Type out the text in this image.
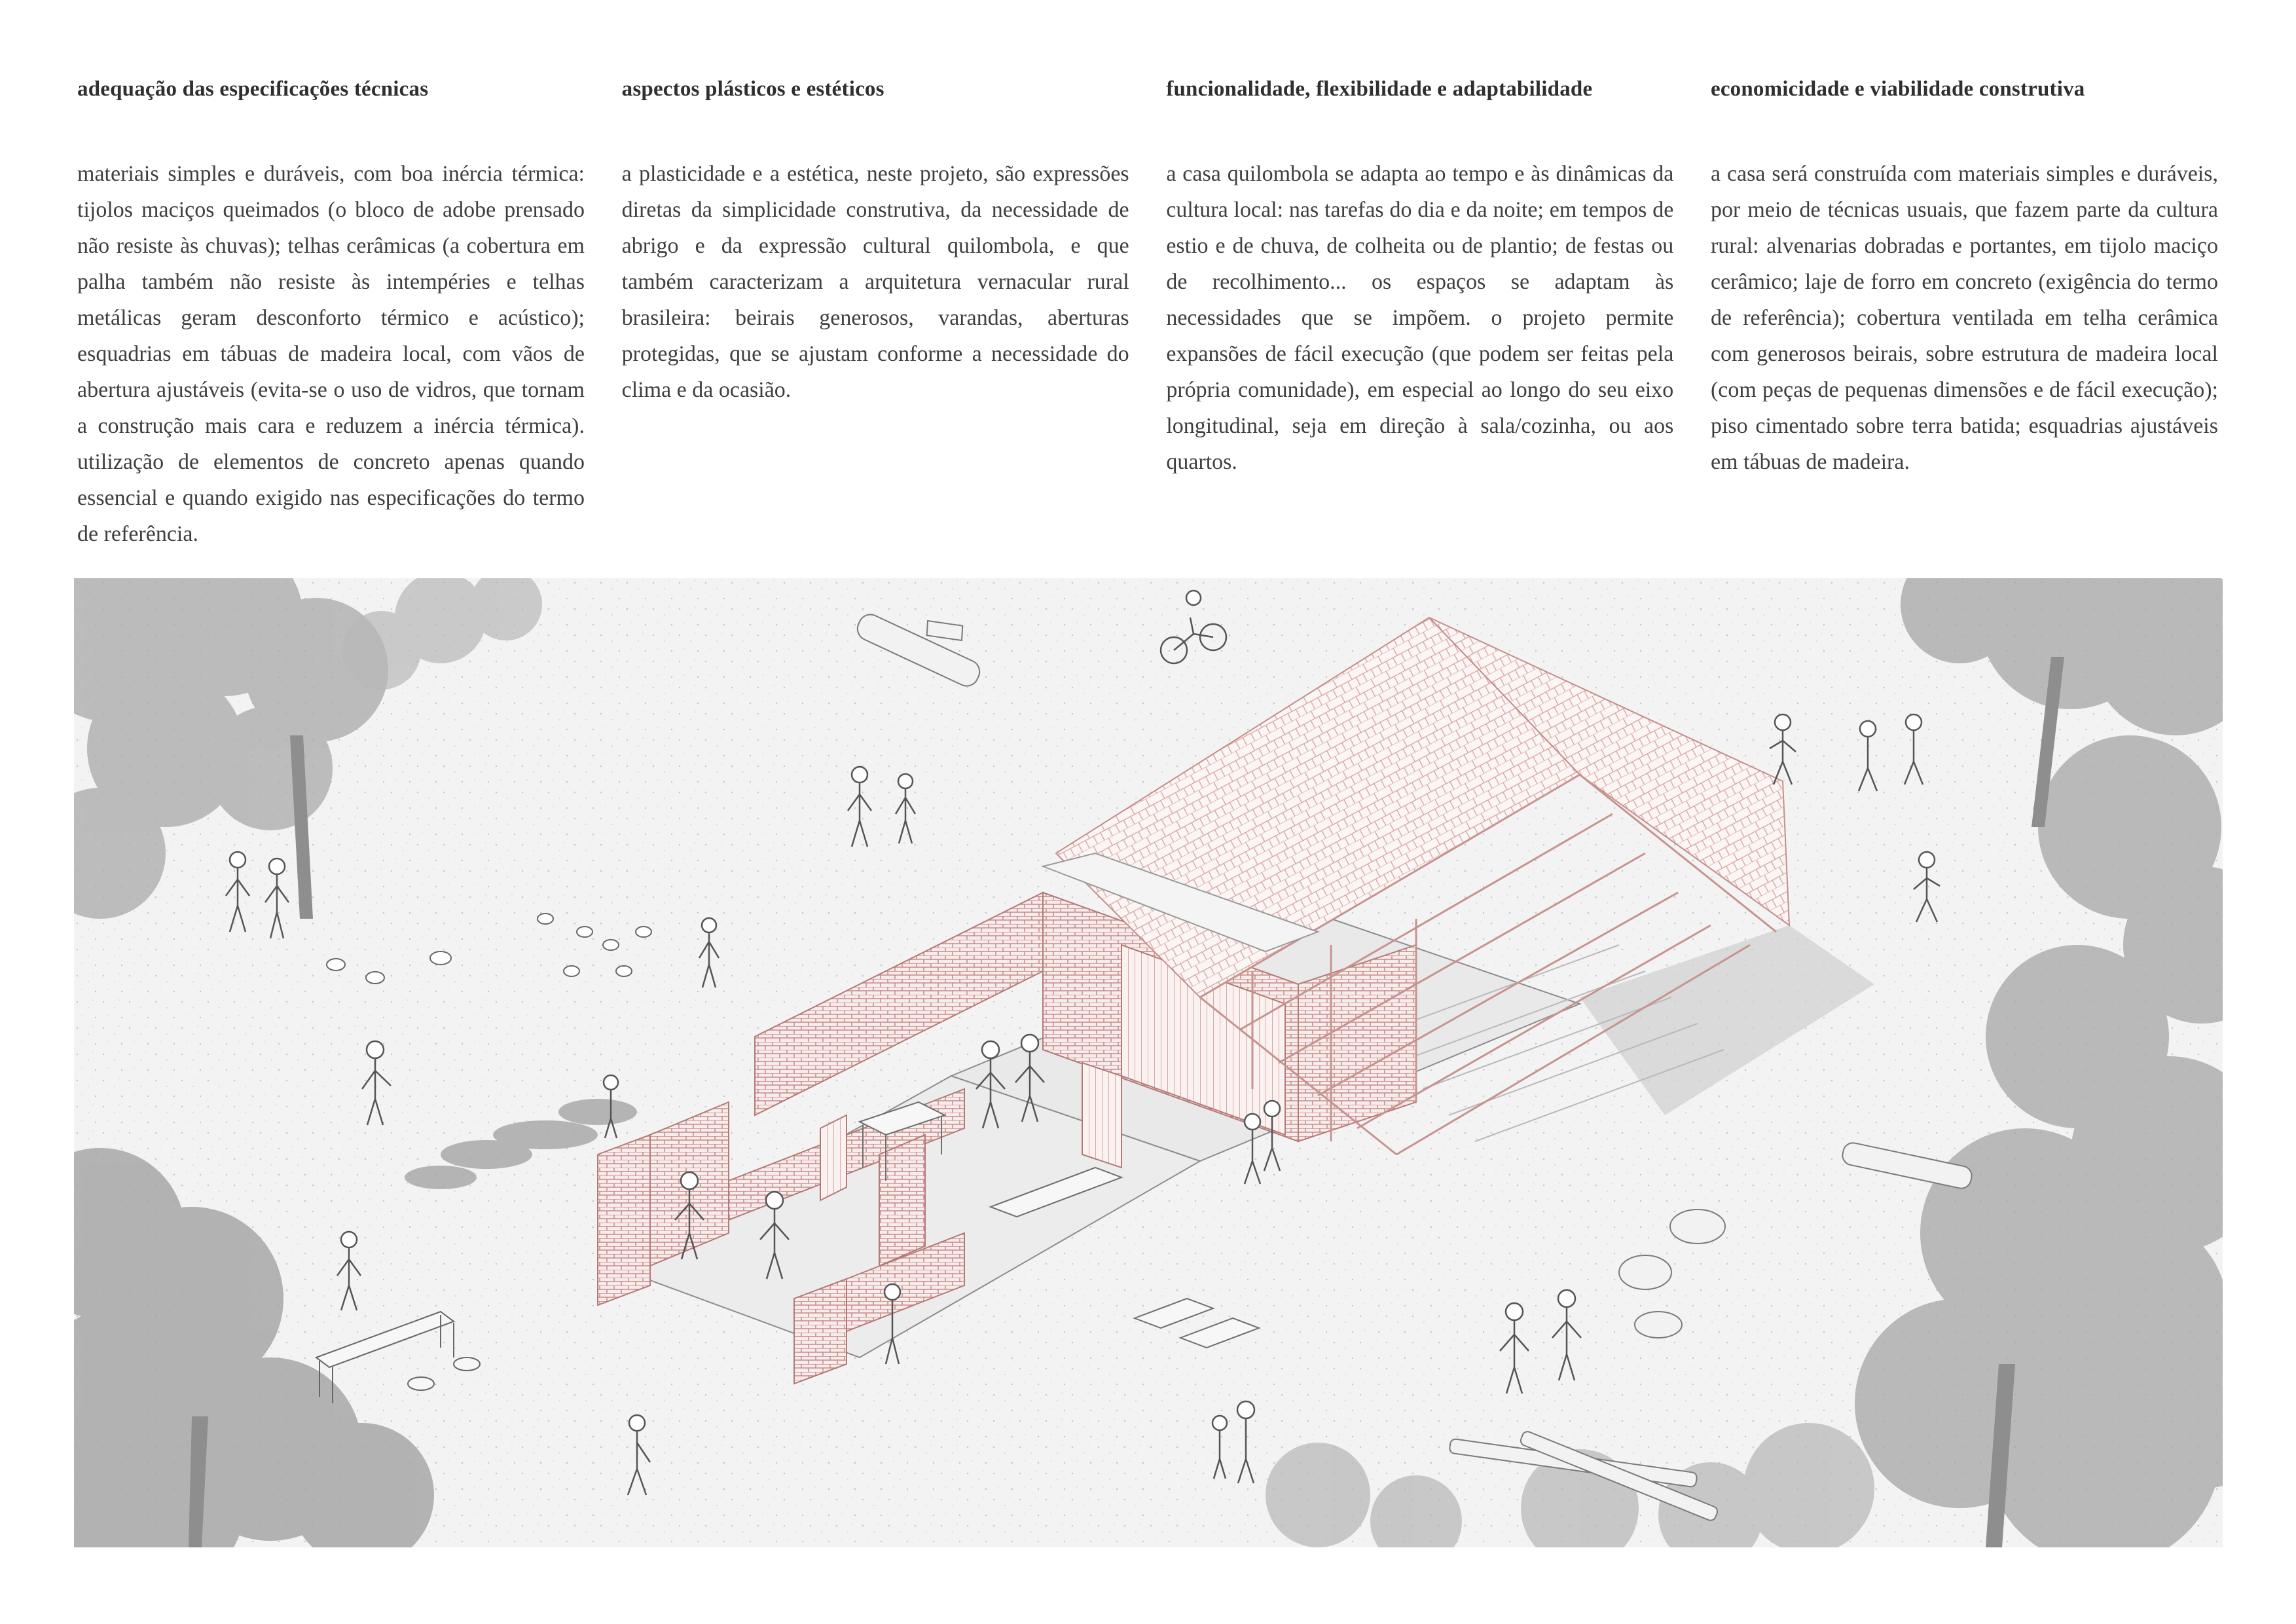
adequação das especificações técnicas

materiais simples e duráveis, com boa inércia térmica: tijolos maciços queimados (o bloco de adobe prensado não resiste às chuvas); telhas cerâmicas (a cobertura em palha também não resiste às intempéries e telhas metálicas geram desconforto térmico e acústico); esquadrias em tábuas de madeira local, com vãos de abertura ajustáveis (evita-se o uso de vidros, que tornam a construção mais cara e reduzem a inércia térmica). utilização de elementos de concreto apenas quando essencial e quando exigido nas especificações do termo de referência.

aspectos plásticos e estéticos

a plasticidade e a estética, neste projeto, são expressões diretas da simplicidade construtiva, da necessidade de abrigo e da expressão cultural quilombola, e que também caracterizam a arquitetura vernacular rural brasileira: beirais generosos, varandas, aberturas protegidas, que se ajustam conforme a necessidade do clima e da ocasião.

funcionalidade, flexibilidade e adaptabilidade

a casa quilombola se adapta ao tempo e às dinâmicas da cultura local: nas tarefas do dia e da noite; em tempos de estio e de chuva, de colheita ou de plantio; de festas ou de recolhimento... os espaços se adaptam às necessidades que se impõem. o projeto permite expansões de fácil execução (que podem ser feitas pela própria comunidade), em especial ao longo do seu eixo longitudinal, seja em direção à sala/cozinha, ou aos quartos.

economicidade e viabilidade construtiva

a casa será construída com materiais simples e duráveis, por meio de técnicas usuais, que fazem parte da cultura rural: alvenarias dobradas e portantes, em tijolo maciço cerâmico; laje de forro em concreto (exigência do termo de referência); cobertura ventilada em telha cerâmica com generosos beirais, sobre estrutura de madeira local (com peças de pequenas dimensões e de fácil execução); piso cimentado sobre terra batida; esquadrias ajustáveis em tábuas de madeira.
